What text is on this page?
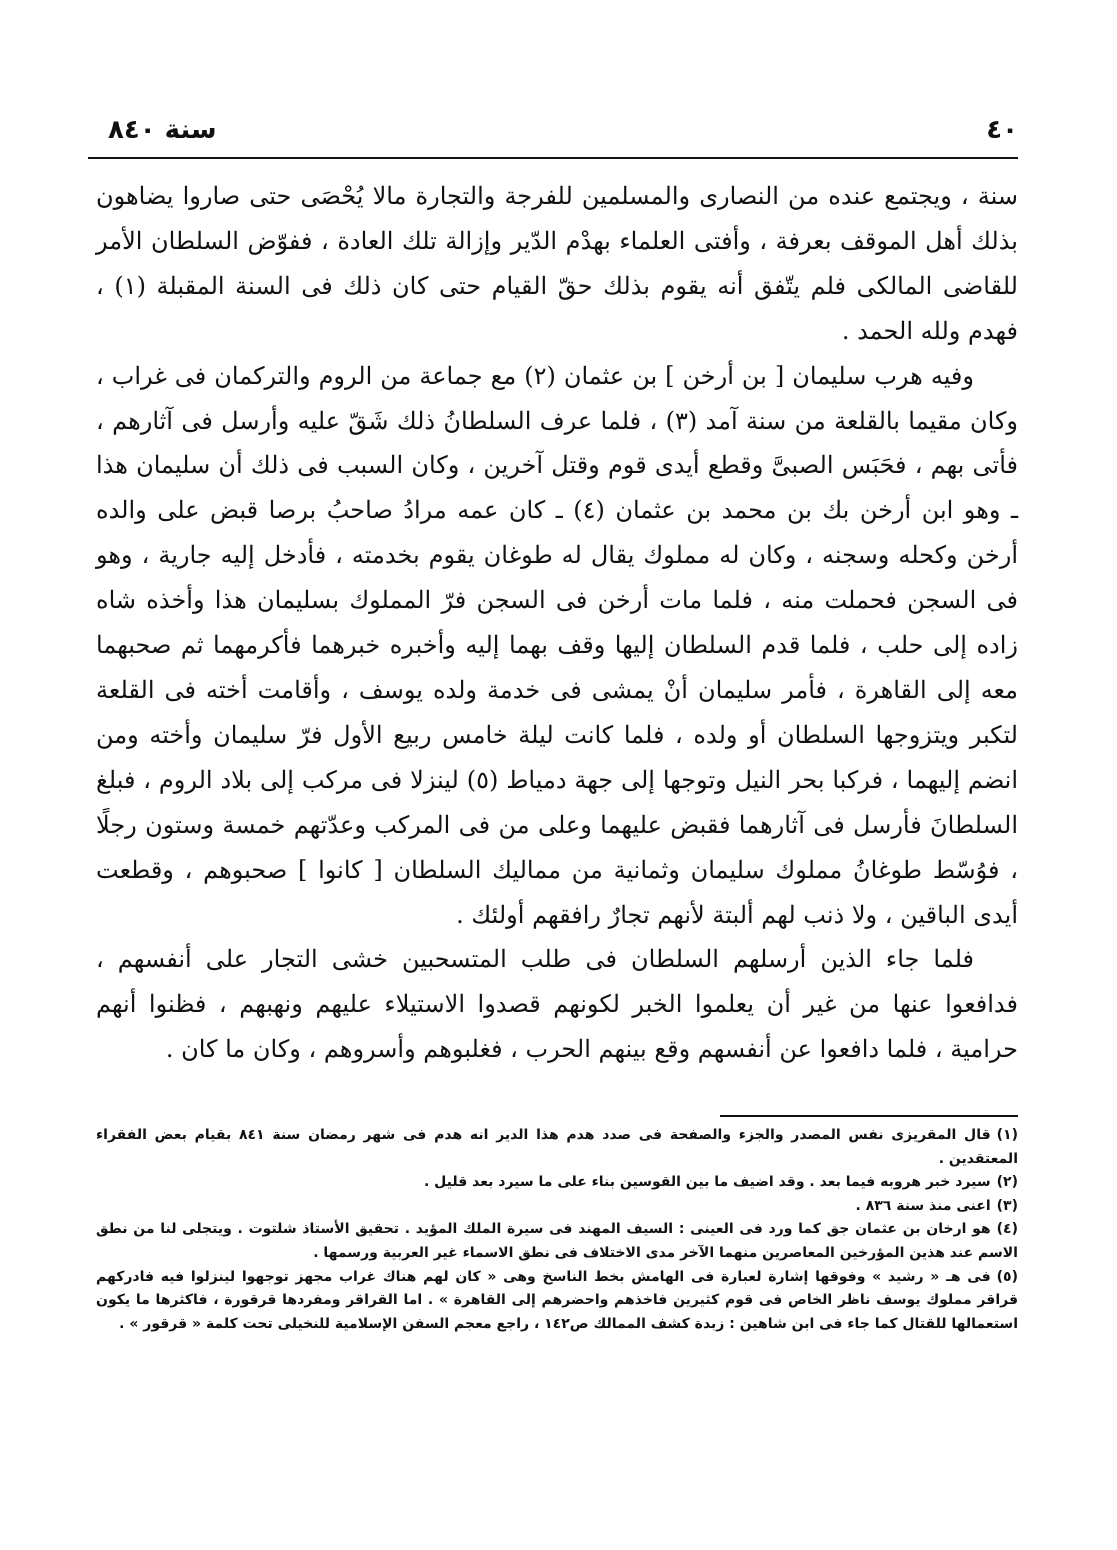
٤٠
سنة ٨٤٠

سنة ، ويجتمع عنده من النصارى والمسلمين للفرجة والتجارة مالا يُحْصَى حتى صاروا يضاهون بذلك أهل الموقف بعرفة ، وأفتى العلماء بهدْم الدّير وإزالة تلك العادة ، ففوّض السلطان الأمر للقاضى المالكى فلم يتّفق أنه يقوم بذلك حقّ القيام حتى كان ذلك فى السنة المقبلة (١) ، فهدم ولله الحمد .

وفيه هرب سليمان [ بن أرخن ] بن عثمان (٢) مع جماعة من الروم والتركمان فى غراب ، وكان مقيما بالقلعة من سنة آمد (٣) ، فلما عرف السلطانُ ذلك شَقّ عليه وأرسل فى آثارهم ، فأتى بهم ، فحَبَس الصبىَّ وقطع أيدى قوم وقتل آخرين ، وكان السبب فى ذلك أن سليمان هذا ـ وهو ابن أرخن بك بن محمد بن عثمان (٤) ـ كان عمه مرادُ صاحبُ برصا قبض على والده أرخن وكحله وسجنه ، وكان له مملوك يقال له طوغان يقوم بخدمته ، فأدخل إليه جارية ، وهو فى السجن فحملت منه ، فلما مات أرخن فى السجن فرّ المملوك بسليمان هذا وأخذه شاه زاده إلى حلب ، فلما قدم السلطان إليها وقف بهما إليه وأخبره خبرهما فأكرمهما ثم صحبهما معه إلى القاهرة ، فأمر سليمان أنْ يمشى فى خدمة ولده يوسف ، وأقامت أخته فى القلعة لتكبر ويتزوجها السلطان أو ولده ، فلما كانت ليلة خامس ربيع الأول فرّ سليمان وأخته ومن انضم إليهما ، فركبا بحر النيل وتوجها إلى جهة دمياط (٥) لينزلا فى مركب إلى بلاد الروم ، فبلغ السلطانَ فأرسل فى آثارهما فقبض عليهما وعلى من فى المركب وعدّتهم خمسة وستون رجلًا ، فوُسّط طوغانُ مملوك سليمان وثمانية من مماليك السلطان [ كانوا ] صحبوهم ، وقطعت أيدى الباقين ، ولا ذنب لهم ألبتة لأنهم تجارٌ رافقهم أولئك .

فلما جاء الذين أرسلهم السلطان فى طلب المتسحبين خشى التجار على أنفسهم ، فدافعوا عنها من غير أن يعلموا الخبر لكونهم قصدوا الاستيلاء عليهم ونهبهم ، فظنوا أنهم حرامية ، فلما دافعوا عن أنفسهم وقع بينهم الحرب ، فغلبوهم وأسروهم ، وكان ما كان .

(١)قال المقريزى نفس المصدر والجزء والصفحة فى صدد هدم هذا الدير انه هدم فى شهر رمضان سنة ٨٤١ بقيام بعض الفقراء المعتقدين .

(٢)سيرد خبر هروبه فيما بعد . وقد اضيف ما بين القوسين بناء على ما سيرد بعد قليل .

(٣)اعنى منذ سنة ٨٣٦ .

(٤)هو ارخان بن عثمان جق كما ورد فى العينى : السيف المهند فى سيرة الملك المؤيد . تحقيق الأستاذ شلتوت . ويتجلى لنا من نطق الاسم عند هذين المؤرخين المعاصرين منهما الآخر مدى الاختلاف فى نطق الاسماء غير العربية ورسمها .

(٥)فى هـ « رشيد » وفوقها إشارة لعبارة فى الهامش بخط الناسخ وهى « كان لهم هناك غراب مجهز توجهوا لينزلوا فيه فادركهم قراقر مملوك يوسف ناظر الخاص فى قوم كثيرين فاخذهم واحضرهم إلى القاهرة » . اما القراقر ومفردها قرقورة ، فاكثرها ما يكون استعمالها للقتال كما جاء فى ابن شاهين : زبدة كشف الممالك ص١٤٢ ، راجع معجم السفن الإسلامية للنخيلى تحت كلمة « قرقور » .
